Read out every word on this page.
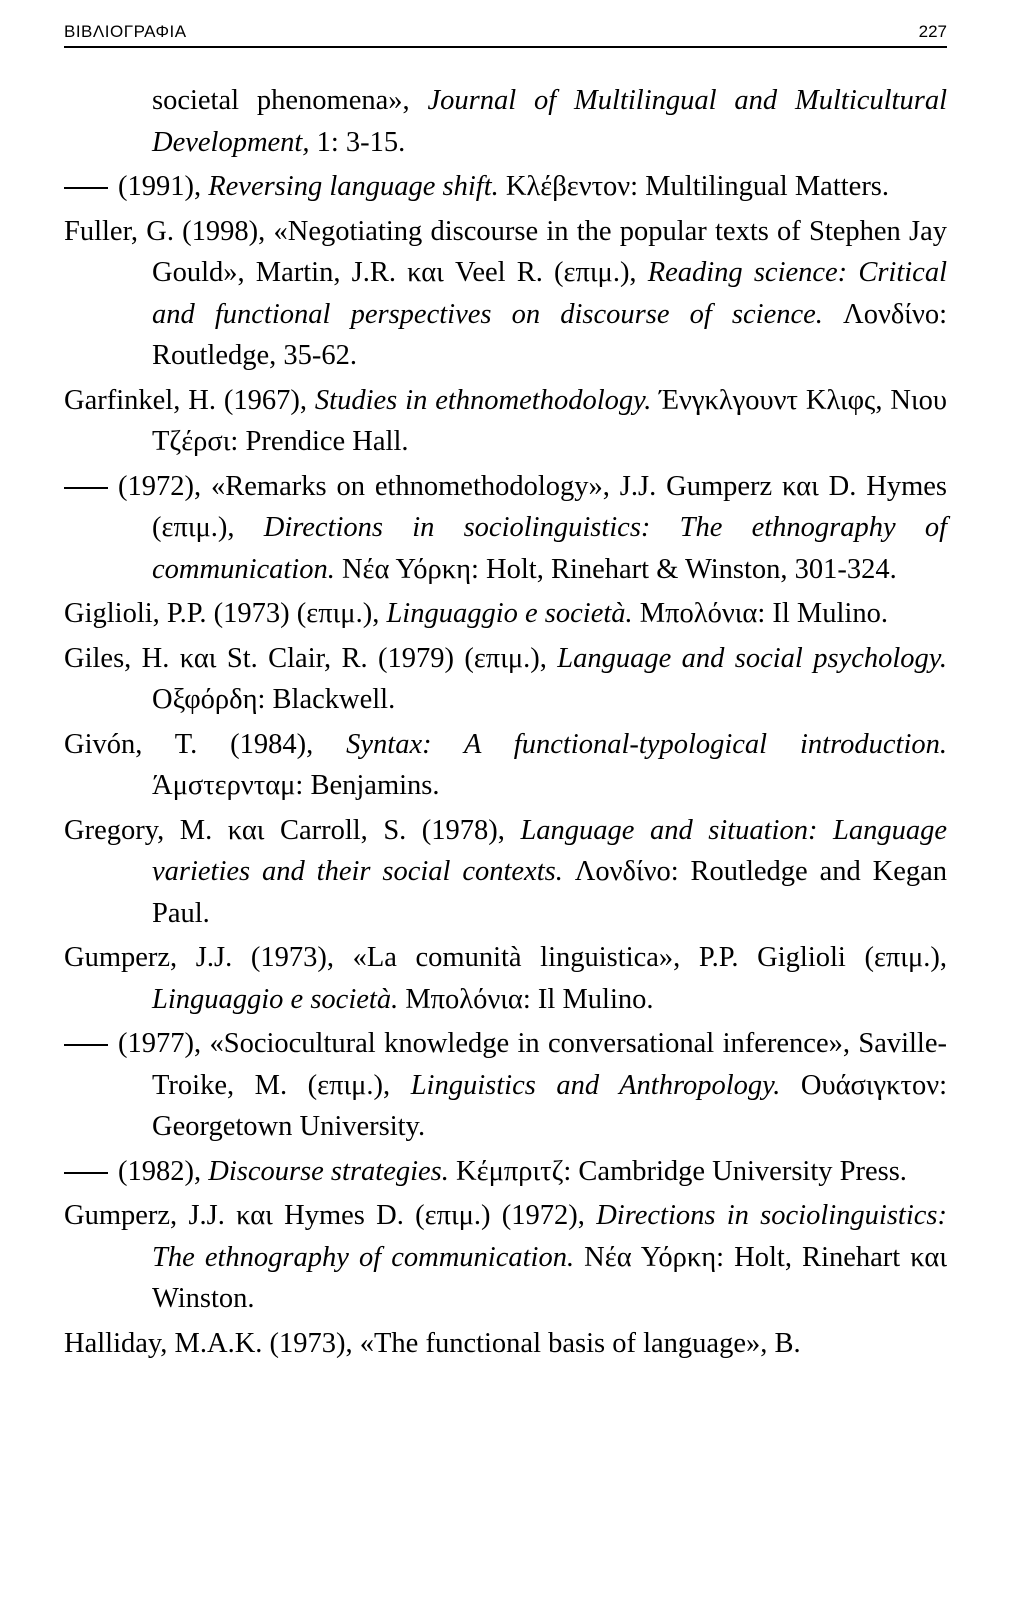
ΒΙΒΛΙΟΓΡΑΦΙΑ	227

societal phenomena», Journal of Multilingual and Multicultural Development, 1: 3-15.

(1991), Reversing language shift. Κλέβεντον: Multilingual Matters.

Fuller, G. (1998), «Negotiating discourse in the popular texts of Stephen Jay Gould», Martin, J.R. και Veel R. (επιμ.), Reading science: Critical and functional perspectives on discourse of science. Λονδίνο: Routledge, 35-62.

Garfinkel, H. (1967), Studies in ethnomethodology. Ένγκλγουντ Κλιφς, Νιου Τζέρσι: Prendice Hall.

(1972), «Remarks on ethnomethodology», J.J. Gumperz και D. Hymes (επιμ.), Directions in sociolinguistics: The ethnography of communication. Νέα Υόρκη: Holt, Rinehart & Winston, 301-324.

Giglioli, P.P. (1973) (επιμ.), Linguaggio e società. Μπολόνια: Il Mulino.

Giles, H. και St. Clair, R. (1979) (επιμ.), Language and social psychology. Οξφόρδη: Blackwell.

Givón, T. (1984), Syntax: A functional-typological introduction. Άμστερνταμ: Benjamins.

Gregory, M. και Carroll, S. (1978), Language and situation: Language varieties and their social contexts. Λονδίνο: Routledge and Kegan Paul.

Gumperz, J.J. (1973), «La comunità linguistica», P.P. Giglioli (επιμ.), Linguaggio e società. Μπολόνια: Il Mulino.

(1977), «Sociocultural knowledge in conversational inference», Saville-Troike, M. (επιμ.), Linguistics and Anthropology. Ουάσιγκτον: Georgetown University.

(1982), Discourse strategies. Κέμπριτζ: Cambridge University Press.

Gumperz, J.J. και Hymes D. (επιμ.) (1972), Directions in sociolinguistics: The ethnography of communication. Νέα Υόρκη: Holt, Rinehart και Winston.

Halliday, M.A.K. (1973), «The functional basis of language», B.
